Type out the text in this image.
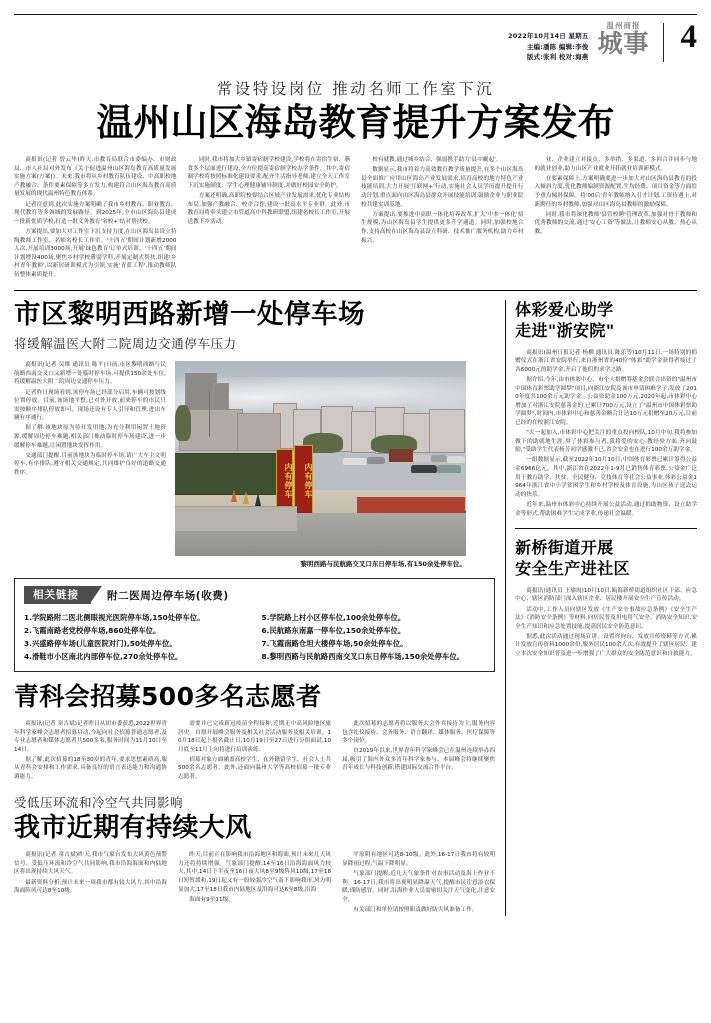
2022年10月14日 星期五
主编:潘陈 编辑:李俊
版式:张利 校对:海燕
温州商报
城事 4
常设特设岗位 推动名师工作室下沉
温州山区海岛教育提升方案发布

商报讯(记者 曾云毕)昨天,市教育局联合市委编办、市财政局、市人社局对外发布《关于促进温州山区海岛教育高质量发展实施方案(方案)》。未来,我市将从乡村教育队伍建设、中高职校地产教融合、条件要素保障等多方发力,构建符合山区海岛教育高质量发展的现代温州特色教育体系。

记者注意到,此次实施方案明确了我市乡村教育、职业教育、现代教育等多领域的发展路径。到2025年,全市山区海岛县建成一批新优质学校,打造一批义务教育'名校+'结对帮扶校。

方案提出,要加大对工作室下沉支持力度,在山区海岛县设立特级教师工作室、名师名校长工作室。'十四五'期间计划新增2000人次,开展培训3000场,开展'绿色教育'订单式培训。'十四五'期间计划增设400场,聚焦乡村学校薄弱学科,开展定制式帮扶,组建'乡村青年教师',以新居研训模式为引领,实施'青蓝工程',推动教师队伍整体素质提升。

同时,我市将加大乡镇寄宿制学校建设,学校将在寄宿生宿、膳食多个层面进行建设,全方位提高寄宿制学校办学条件。其中,寄宿制学校将按照标准化建设要求,配齐生活指导老师,建立全天工作室下沉实施制度、学生心理健康辅导制度,并做好校园安全防护。

方案还明确,高职院校要结合区域产业发展需求,优化专业结构布局,加强产教融合、校企合作,建设一批高水平专业群。此外,市教育局将牵头建立市管道高中科教研联盟,组建名校长工作室,开展送教下乡活动。

校有就教,通过城乡结合、强弱携手助力'县中崛起'。

数据显示,我市将着力高效教育教学质量提升,在多个山区海岛县全面推广应用山区海岛产业发展需求,培育高校的地方特色产业技能培训,大力开展'互联网+'行动,实施社会人员学历提升提升行动计划,重点面向山区海岛县群众开展技能培训,鼓励企业与职业院校共建实训基地。

方案提出,要推进中高职一体化培养改革,扩大'中本一体化'招生规模,为山区海岛县学生提供更多升学通道。同时,加强校地合作,支持高校在山区海岛县设立科研、技术推广服务机构,助力乡村振兴。

业、企业建立对接点、多举措、多渠道、多回合并同步与地的就业创业,助力山区产业就业开拓就业培训新模式。

在要素保障上,方案明确要进一步加大对山区海岛县教育的投入倾斜力度,优化教师编制资源配置,生均经费、项目资金等方面给予重点倾斜保障。将'00后'青年教师纳入引才计划,工资待遇上,对新聘任的乡村教师,加强对山区海岛县教师的激励保障。

同时,我市将深化教师'县管校聘'管理改革,加强对骨干教师和优秀教师的交流,通过'安心工资'等做法,让教师安心从教、热心从教。

市区黎明西路新增一处停车场
将缓解温医大附二院周边交通停车压力

商报讯(记者 吴维 通讯员 陈平)日前,市区黎明西路与民航路西南交叉口又新增一处临时停车场,可提供150余处车位,将缓解温医大附二院周边交通停车压力。

记者昨日现场看到,该停车场已经部分启用,车辆可按划线位置停放。目前,该场地平整,已对外开放,前来停车的市民只需按顺序排队停放即可。现场还设有专人引导和管理,进出车辆有序通行。

据了解,该地块原为待开发用地,为充分利用闲置土地资源,缓解周边停车难题,相关部门推动临时停车场建设,进一步缓解停车难题,让闲置地块发挥作用。

交通部门提醒,目前该地块为临时停车场,请广大车主文明停车,有序排队,遵守相关交通规定,共同维护良好的道路交通秩序。	内有停车	内有停车
黎明西路与民航路交叉口东日停车场,有150余处停车位。
相关链接	附二医周边停车场(收费)
1.学院路附二医北侧眼视光医院停车场,150处停车位。
2.飞霞南路老党校停车场,860处停车位。
3.兴盛路停车场(儿童医院对门),50处停车位。
4.滑鞋市小区南北内部停车位,270余处停车位。
5.学院路上村小区停车位,100余处停车位。
6.民航路东南嘉一停车位,150余处停车位。
7.飞霞南路仓坦大楼停车场,50余处停车位。
8.黎明西路与民航路西南交叉口东日停车场,150余处停车位。
青科会招募500多名志愿者

商报讯(记者 童吉斌)记者昨日从团市委获悉,2022世界青年科学家峰会志愿者招募启动,今起向社会招募普通志愿者,及专业志愿者和媒体志愿者共500多名,服务时间为11月10日至14日。

据了解,此次招募的18至30岁的青年,要求思想素质高,服从青科会安排和工作需求,具备良好的语言表达能力和沟通协调能力。

需要并已完成新冠疫苗全程接种,近期无中高风险地区旅居史。自愿开展峰会服务及相关社会活动服务及相关培训。10月18日起上报名截止日,10月19日至27日进行分组面试,10月底至11月上旬将进行培训演练。

招募对象方面涵盖高校学生、在外籍留学生、社会人士共500余名志愿者。此外,还面向温州大学等高校招募一批专业志愿者。

此次招募的志愿者将以服务大会外宾接待为主,服务内容包含礼仪接待、会务服务、语言翻译、媒体服务、医疗保障等多个岗位。

自2019年以来,世界青年科学家峰会已在温州连续举办四届,吸引了海内外众多青年科学家参与。本届峰会将继续聚焦青年成长与科技创新,搭建国际交流合作平台。

受低压环流和冷空气共同影响
我市近期有持续大风

商报讯(记者 童吉斌)昨天,我市气象台发布大风黄色预警信号。受低压环流和冷空气共同影响,我市沿海海面和内陆地区将出现持续大风天气。

最新资料分析,预计未来一周我市都有较大风力,其中沿海海面阵风可达8至10级。

昨天,目前正在影响我市沿海地区和海面,预计未来几天风力还将持续增强。气象部门提醒,14至16日沿海海面风力较大,其中,14日下半夜至16日夜大风8至9级阵风10级,17至18日短暂缓和,19日起又有一股较强冷空气南下影响我市,风力明显加大,17至18日我市内陆地区及沿海可达6至8级,沿海

海面有9至11级。

平原阴有地区可达8-10级。此外,16-17日我市将有较明显降雨过程,气温下降明显。

气象部门提醒,近几天气象条件对农事活动及海上作业不利。16-17日,我市将出现明显降温天气,提醒市民注意添衣保暖,谨防感冒。同时,沿海作业人员需密切关注天气变化,注意安全。

有关部门和单位请按照职责做好防大风准备工作。

体彩爱心助学
走进"浙安院"

商报讯(温州日报记者 杨柳 通讯员 陈乐等)10月11日,一场特别的捐赠仪式在浙江省安院举行,来自浙州省的40位"体彩"助学金获得者接过了各6000元的助学金,开启了他们的求学之路。

据介绍,今年,由市体彩中心、市个人捐赠筹基金会联合出资的"温州市中国体育彩票助学圆梦"项目,向浙江安院及该市申请困难学子,发放了2010年度共100余万元助学金。公益资助金100万元,2020年起,市体彩中心增加了对浙江安院慈善金的,已累计700万元,设立了"温州市中国体彩票助学圆梦",时间内,市体彩中心和慈善金额合计达10万元捐赠至20万元,目前已经的在校浙江安院。

"大一起加入,市体彩中心把关注的重点投向校队,10月中旬,我将参加做下的助就地生涯,用了体彩参与者,我将爱的安心,教经验方面,齐向鼓励,"受助学生代表杨芳同学感激不已,省会安金也在进行100余万助学金。

一组数据显示,截至2022年10月10日,中国体育彩票已累计筹得公益金6966亿元。其中,浙江省在2022年1-9月已销售体育彩票,公益金广泛用于教育助学、扶贫、全民健身、竞技体育等社会公益事业,体彩公益金1964年浙江省中小学贫困学生和乡村学校及体育设施,为山区孩子送去运动的快乐。

近年来,温州市体彩中心持续开展公益活动,通过捐助物资、设立助学金等形式,帮助困难学生完成学业,传递社会温暖。

新桥街道开展
安全生产进社区

商报讯(通讯员 王瑜霞)10月10日,瓯海新桥街道组织社区干部、应急中心、辖区消防部门深入辖区企业、居民楼开展安全生产宣传活动。

活动中,工作人员向辖区发放《生产安全事故应急条例》《安全生产法》《消防安全条例》等材料,向居民普及用电用气安全、消防安全知识,安全生产知识和应急处置技能,提高居民安全防范意识。

据悉,此次活动通过现场宣讲、设置咨询台、发放宣传资料等方式,累计发放宣传资料1000余份,服务居民100余人次,有效提升了辖区居民、建立本次安全知识普及进一步增强了广大群众的安全防范意识和自救能力。
